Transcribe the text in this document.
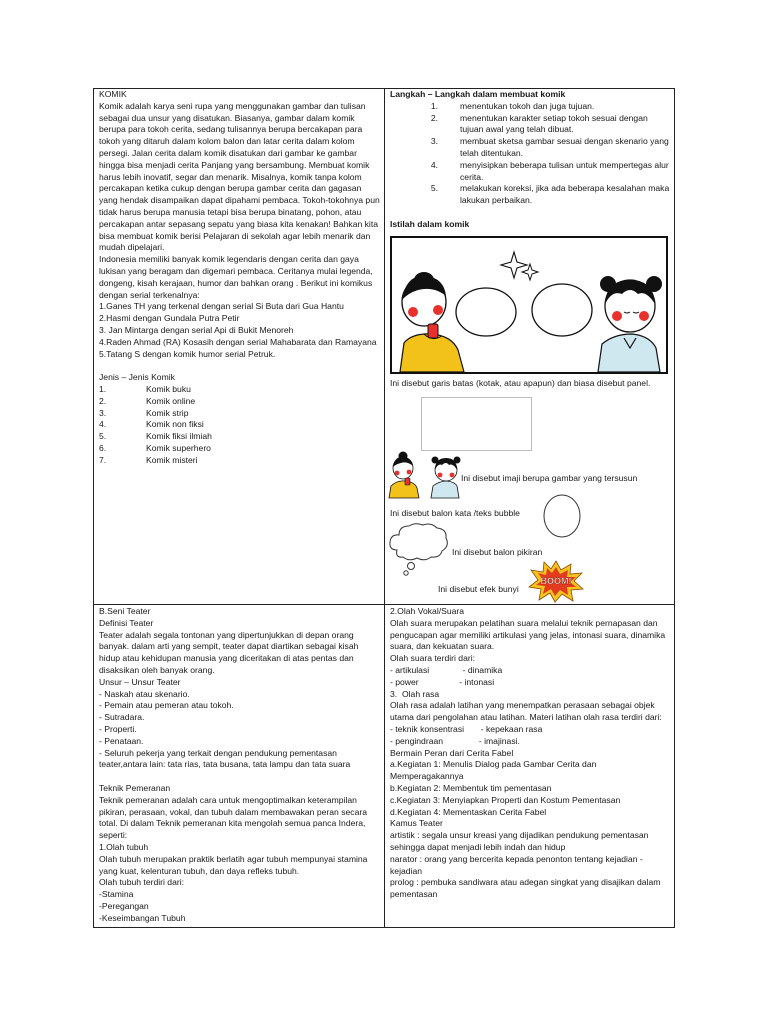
KOMIK

Komik adalah karya seni rupa yang menggunakan gambar dan tulisan sebagai dua unsur yang disatukan. Biasanya, gambar dalam komik berupa para tokoh cerita, sedang tulisannya berupa bercakapan para tokoh yang ditaruh dalam kolom balon dan latar cerita dalam kolom persegi. Jalan cerita dalam komik disatukan dari gambar ke gambar hingga bisa menjadi cerita Panjang yang bersambung. Membuat komik harus lebih inovatif, segar dan menarik. Misalnya, komik tanpa kolom percakapan ketika cukup dengan berupa gambar cerita dan gagasan yang hendak disampaikan dapat dipahami pembaca. Tokoh-tokohnya pun tidak harus berupa manusia tetapi bisa berupa binatang, pohon, atau percakapan antar sepasang sepatu yang biasa kita kenakan! Bahkan kita bisa membuat komik berisi Pelajaran di sekolah agar lebih menarik dan mudah dipelajari.

Indonesia memiliki banyak komik legendaris dengan cerita dan gaya lukisan yang beragam dan digemari pembaca. Ceritanya mulai legenda, dongeng, kisah kerajaan, humor dan bahkan orang . Berikut ini komikus dengan serial terkenalnya:

1.Ganes TH yang terkenal dengan serial Si Buta dari Gua Hantu

2.Hasmi dengan Gundala Putra Petir

3. Jan Mintarga dengan serial Api di Bukit Menoreh

4.Raden Ahmad (RA) Kosasih dengan serial Mahabarata dan Ramayana

5.Tatang S dengan komik humor serial Petruk.

Jenis – Jenis Komik

1.	Komik buku
2.	Komik online
3.	Komik strip
4.	Komik non fiksi
5.	Komik fiksi ilmiah
6.	Komik superhero
7.	Komik misteri

Langkah – Langkah dalam membuat komik

1.	menentukan tokoh dan juga tujuan.
2.	menentukan karakter setiap tokoh sesuai dengan tujuan awal yang telah dibuat.
3.	membuat sketsa gambar sesuai dengan skenario yang telah ditentukan.
4.	menyisipkan beberapa tulisan untuk mempertegas alur cerita.
5.	melakukan koreksi, jika ada beberapa kesalahan maka lakukan perbaikan.
Istilah dalam komik
Ini disebut garis batas (kotak, atau apapun) dan biasa disebut panel.
Ini disebut imaji berupa gambar yang tersusun
Ini disebut balon kata /teks bubble
Ini disebut balon pikiran
Ini disebut efek bunyi
BOOM!

B.Seni Teater

Definisi Teater

Teater adalah segala tontonan yang dipertunjukkan di depan orang banyak. dalam arti yang sempit, teater dapat diartikan sebagai kisah hidup atau kehidupan manusia yang diceritakan di atas pentas dan disaksikan oleh banyak orang.

Unsur – Unsur Teater

- Naskah atau skenario.

- Pemain atau pemeran atau tokoh.

- Sutradara.

- Properti.

- Penataan.

- Seluruh pekerja yang terkait dengan pendukung pementasan teater,antara lain: tata rias, tata busana, tata lampu dan tata suara

Teknik Pemeranan

Teknik pemeranan adalah cara untuk mengoptimalkan keterampilan pikiran, perasaan, vokal, dan tubuh dalam membawakan peran secara total. Di dalam Teknik pemeranan kita mengolah semua panca Indera, seperti:

1.Olah tubuh

Olah tubuh merupakan praktik berlatih agar tubuh mempunyai stamina yang kuat, kelenturan tubuh, dan daya refleks tubuh.

Olah tubuh terdiri dari:

-Stamina

-Peregangan

-Keseimbangan Tubuh

2.Olah Vokal/Suara

Olah suara merupakan pelatihan suara melalui teknik pernapasan dan pengucapan agar memiliki artikulasi yang jelas, intonasi suara, dinamika suara, dan kekuatan suara.

Olah suara terdiri dari:

- artikulasi              - dinamika

- power                 - intonasi

3.  Olah rasa

Olah rasa adalah latihan yang menempatkan perasaan sebagai objek utama dari pengolahan atau latihan. Materi latihan olah rasa terdiri dari:

- teknik konsentrasi       - kepekaan rasa

- pengindraan               - imajinasi.

Bermain Peran dari Cerita Fabel

a.Kegiatan 1: Menulis Dialog pada Gambar Cerita dan Memperagakannya

b.Kegiatan 2: Membentuk tim pementasan

c.Kegiatan 3: Menyiapkan Properti dan Kostum Pementasan

d.Kegiatan 4: Mementaskan Cerita Fabel

Kamus Teater

artistik : segala unsur kreasi yang dijadikan pendukung pementasan sehingga dapat menjadi lebih indah dan hidup

narator : orang yang bercerita kepada penonton tentang kejadian - kejadian

prolog : pembuka sandiwara atau adegan singkat yang disajikan dalam pementasan
